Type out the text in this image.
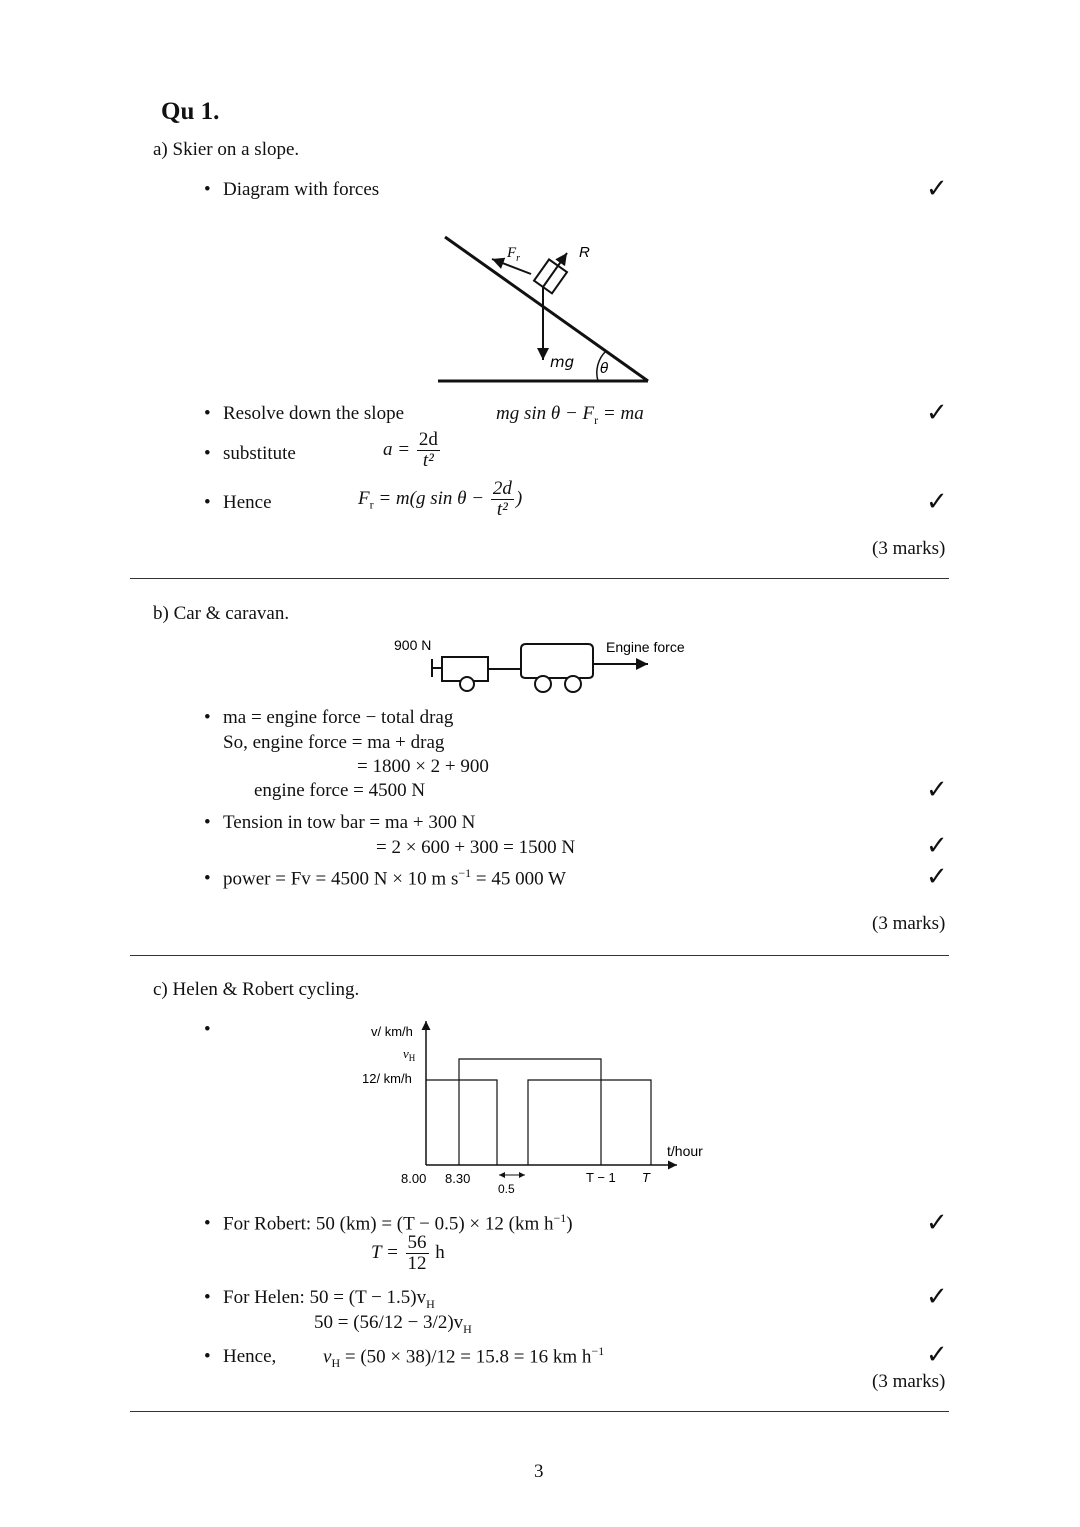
Qu 1.
a) Skier on a slope.
• Diagram with forces	✓
$F_r$	R
mg θ
• Resolve down the slope	mg $\sin \theta - F_r$ = ma	✓
• substitute	$a = \frac{2d}{\text{t²}}$
• Hence	$F_r = m(g$ $\sin \theta - \frac{2d}{\text{t²}}$ )	✓
(3 marks)
b) Car & caravan.
900 N	Engine force
• ma = engine force − total drag
So, engine force = ma + drag
= 1800 × 2 + 900
engine force = 4500 N	✓
• Tension in tow bar = ma + 300 N
= 2 × 600 + 300 = 1500 N	✓
• power = Fv = 4500 N × 10 m $s^{-1} = 45$ 000 W	✓
(3 marks)
c) Helen & Robert cycling.
•	v/ km/h
$v_H$
12/ km/h
t/hour
8.00 8.30
0.5
T − 1 T
• For Robert: 50 (km) = (T − 0.5) × 12 (km $h^{-1}$)	✓
$T = \frac{56}{12}$ h
• For Helen: $50 = (T - 1.5)v_H$	✓
$50 = (56/12 - 3/2)v_H$
• Hence, $v_H = (50 \times 38)/12 = 15.8 = 16$ km $h^{-1}$	✓
(3 marks)
3
